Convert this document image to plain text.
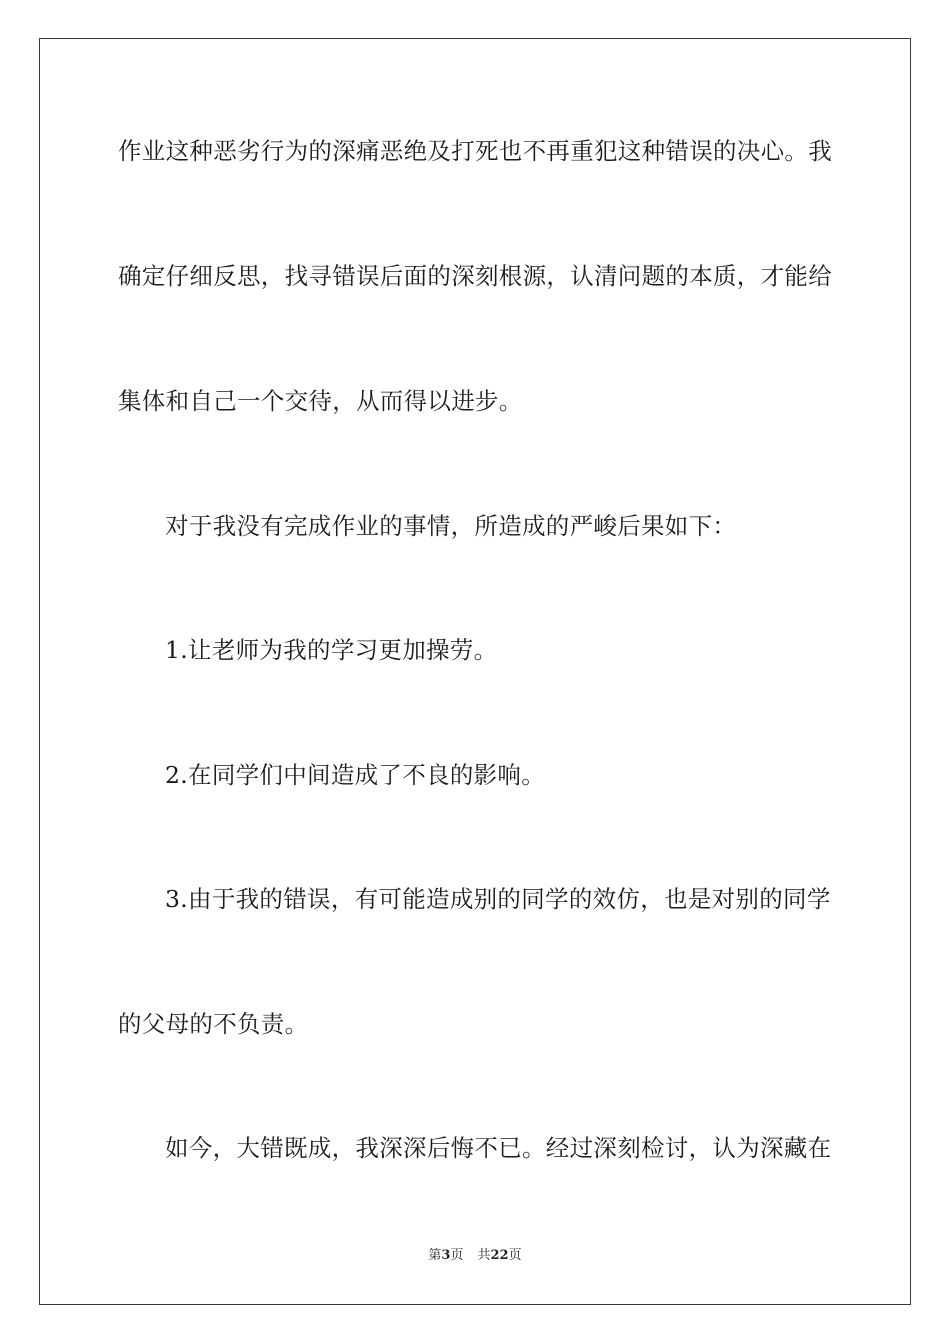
作业这种恶劣行为的深痛恶绝及打死也不再重犯这种错误的决心。我
确定仔细反思，找寻错误后面的深刻根源，认清问题的本质，才能给
集体和自己一个交待，从而得以进步。
对于我没有完成作业的事情，所造成的严峻后果如下：
1.让老师为我的学习更加操劳。
2.在同学们中间造成了不良的影响。
3.由于我的错误，有可能造成别的同学的效仿，也是对别的同学
的父母的不负责。
如今，大错既成，我深深后悔不已。经过深刻检讨，认为深藏在
第3页 共22页
